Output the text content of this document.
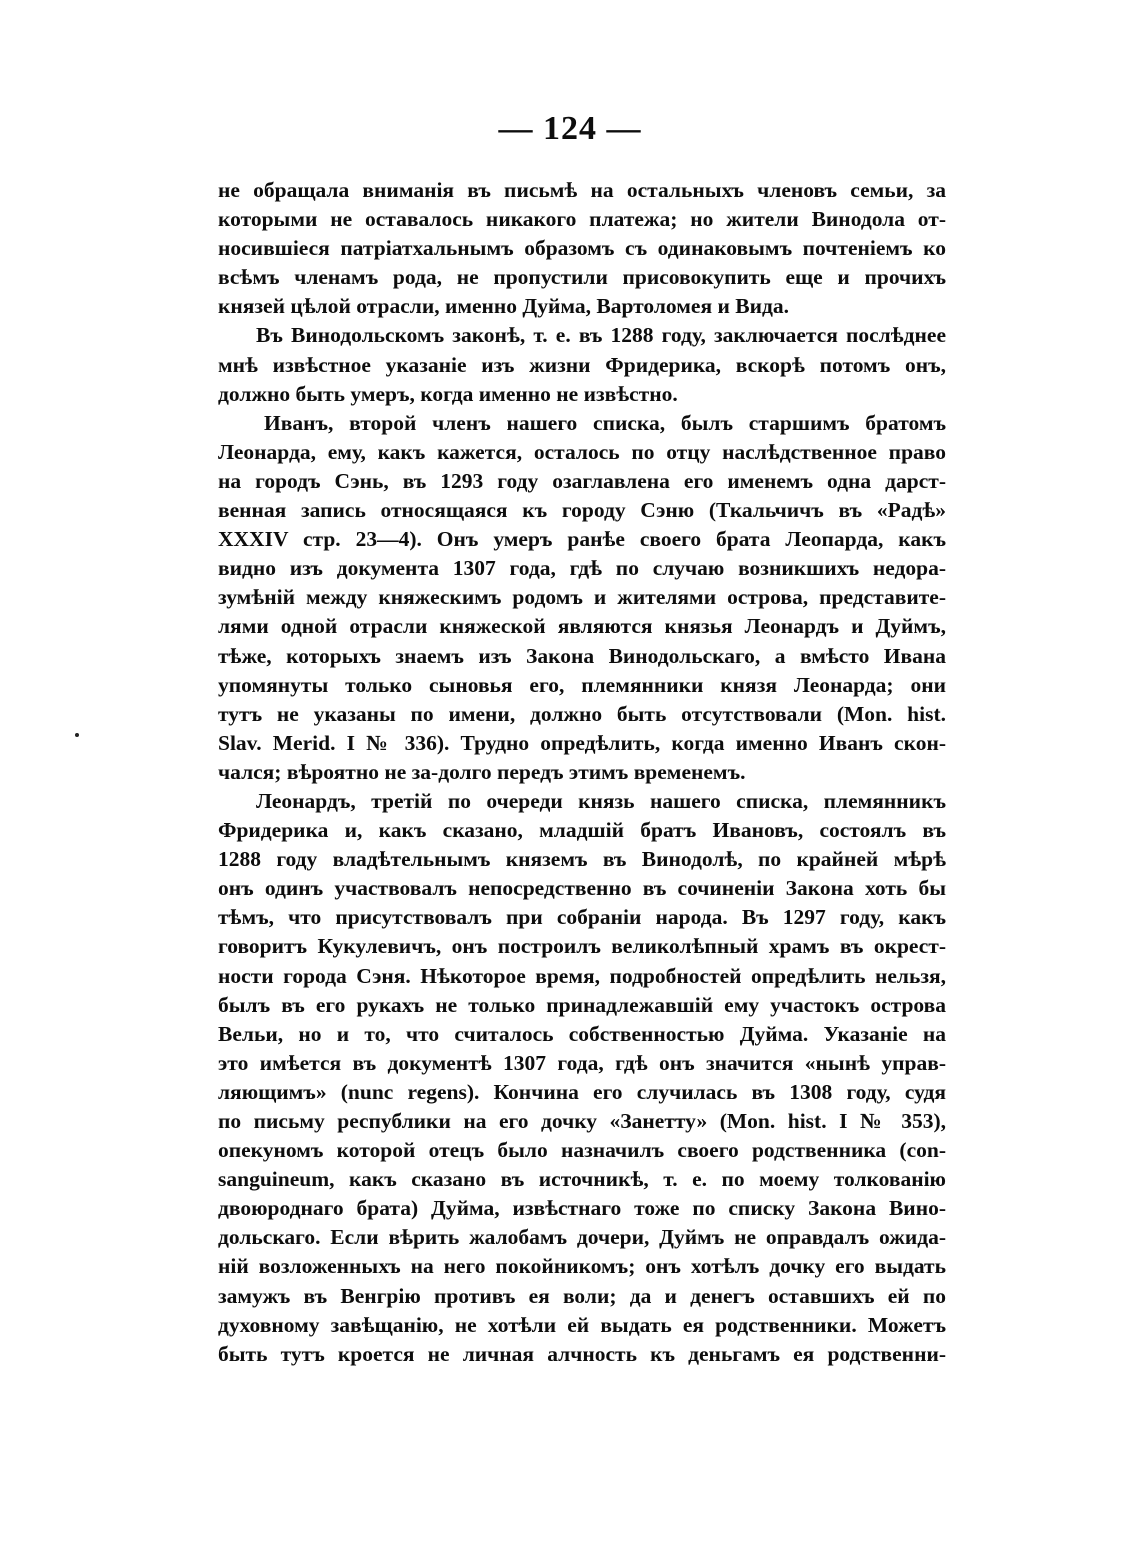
— 124 —
не обращала вниманія въ письмѣ на остальныхъ членовъ семьи, за
которыми не оставалось никакого платежа; но жители Винодола от-
носившіеся патріатхальнымъ образомъ съ одинаковымъ почтеніемъ ко
всѣмъ членамъ рода, не пропустили присовокупить еще и прочихъ
князей цѣлой отрасли, именно Дуйма, Вартоломея и Вида.
Въ Винодольскомъ законѣ, т. е. въ 1288 году, заключается послѣднее
мнѣ извѣстное указаніе изъ жизни Фридерика, вскорѣ потомъ онъ,
должно быть умеръ, когда именно не извѣстно.
Иванъ, второй членъ нашего списка, былъ старшимъ братомъ
Леонарда, ему, какъ кажется, осталось по отцу наслѣдственное право
на городъ Сэнь, въ 1293 году озаглавлена его именемъ одна дарст-
венная запись относящаяся къ городу Сэню (Ткальчичъ въ «Радѣ»
XXXIV стр. 23—4). Онъ умеръ ранѣе своего брата Леопарда, какъ
видно изъ документа 1307 года, гдѣ по случаю возникшихъ недора-
зумѣній между княжескимъ родомъ и жителями острова, представите-
лями одной отрасли княжеской являются князья Леонардъ и Дуймъ,
тѣже, которыхъ знаемъ изъ Закона Винодольскаго, а вмѣсто Ивана
упомянуты только сыновья его, племянники князя Леонарда; они
тутъ не указаны по имени, должно быть отсутствовали (Mon. hist.
Slav. Merid. I № 336). Трудно опредѣлить, когда именно Иванъ скон-
чался; вѣроятно не за-долго передъ этимъ временемъ.
Леонардъ, третій по очереди князь нашего списка, племянникъ
Фридерика и, какъ сказано, младшій братъ Ивановъ, состоялъ въ
1288 году владѣтельнымъ княземъ въ Винодолѣ, по крайней мѣрѣ
онъ одинъ участвовалъ непосредственно въ сочиненіи Закона хоть бы
тѣмъ, что присутствовалъ при собраніи народа. Въ 1297 году, какъ
говоритъ Кукулевичъ, онъ построилъ великолѣпный храмъ въ окрест-
ности города Сэня. Нѣкоторое время, подробностей опредѣлить нельзя,
былъ въ его рукахъ не только принадлежавшій ему участокъ острова
Вельи, но и то, что считалось собственностью Дуйма. Указаніе на
это имѣется въ документѣ 1307 года, гдѣ онъ значится «нынѣ управ-
ляющимъ» (nunc regens). Кончина его случилась въ 1308 году, судя
по письму республики на его дочку «Занетту» (Mon. hist. I № 353),
опекуномъ которой отецъ было назначилъ своего родственника (con-
sanguineum, какъ сказано въ источникѣ, т. е. по моему толкованію
двоюроднаго брата) Дуйма, извѣстнаго тоже по списку Закона Вино-
дольскаго. Если вѣрить жалобамъ дочери, Дуймъ не оправдалъ ожида-
ній возложенныхъ на него покойникомъ; онъ хотѣлъ дочку его выдать
замужъ въ Венгрію противъ ея воли; да и денегъ оставшихъ ей по
духовному завѣщанію, не хотѣли ей выдать ея родственники. Можетъ
быть тутъ кроется не личная алчность къ деньгамъ ея родственни-
